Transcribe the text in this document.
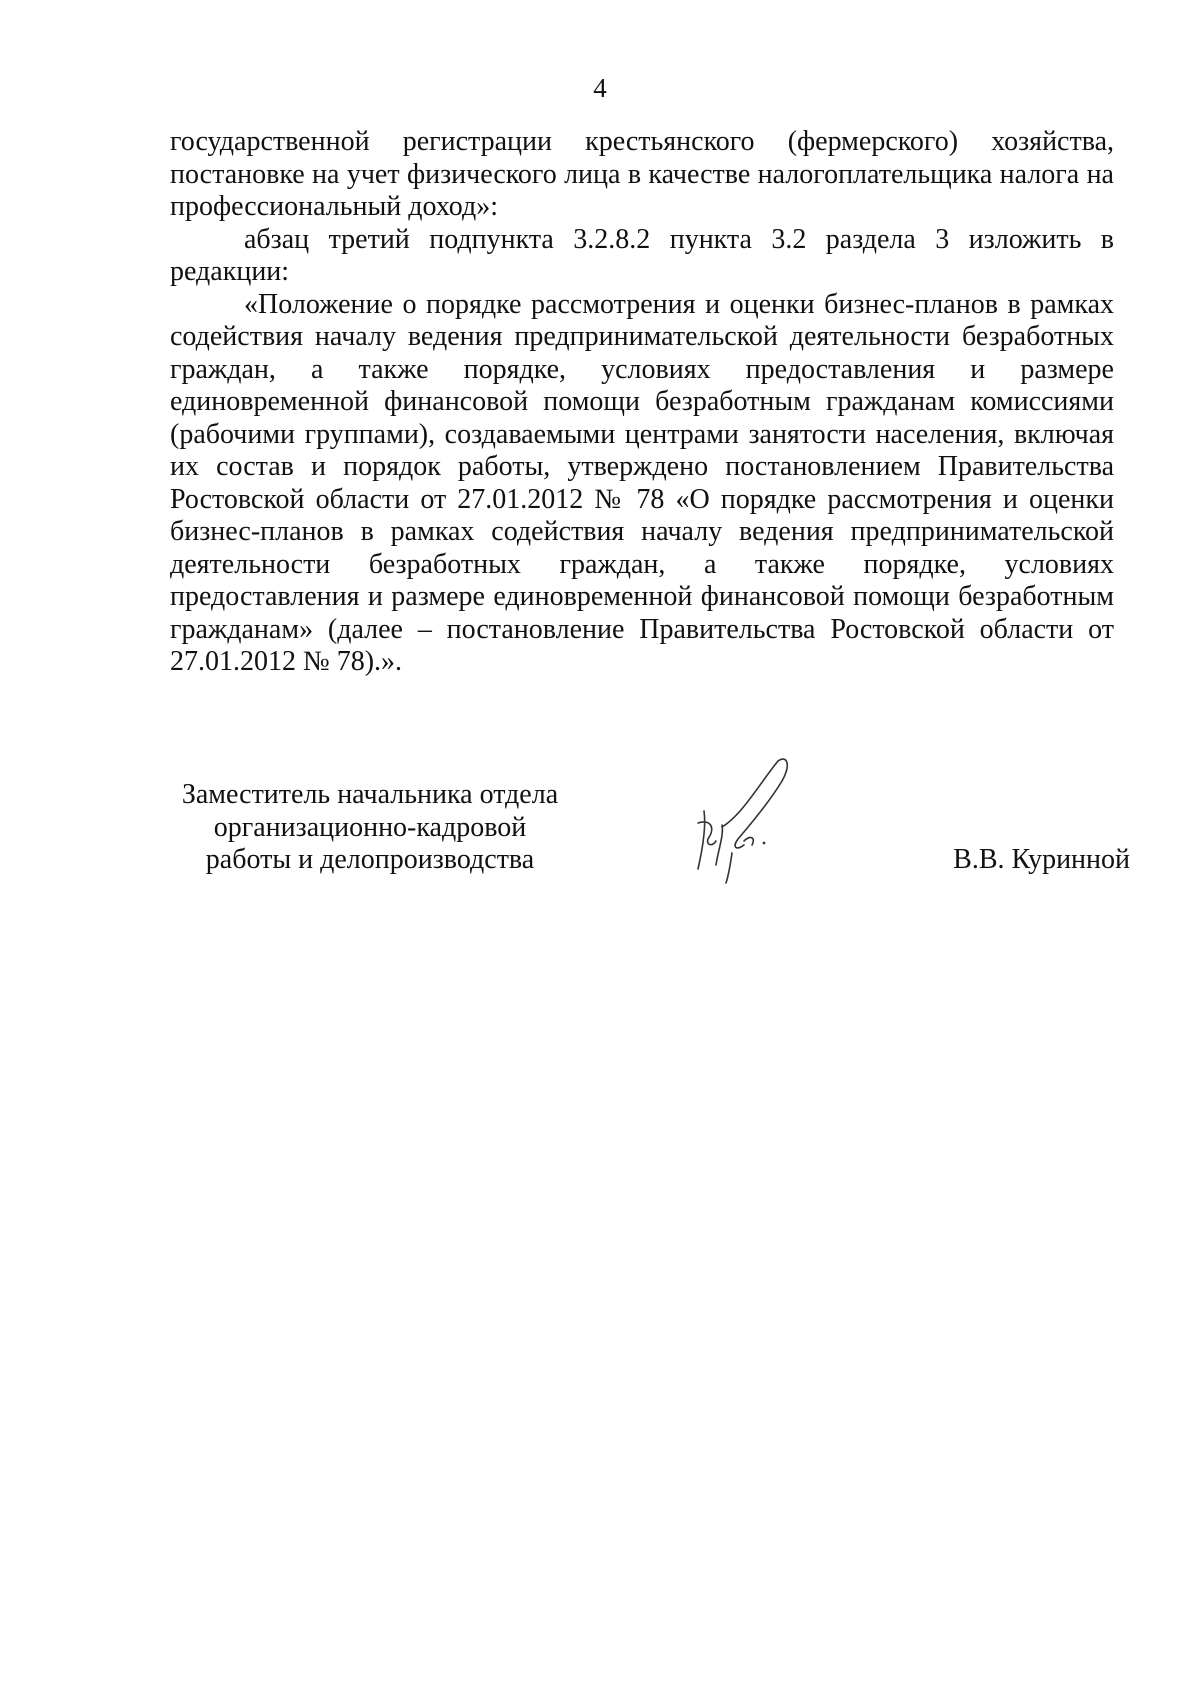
4

государственной регистрации крестьянского (фермерского) хозяйства, постановке на учет физического лица в качестве налогоплательщика налога на профессиональный доход»:

абзац третий подпункта 3.2.8.2 пункта 3.2 раздела 3 изложить в редакции:

«Положение о порядке рассмотрения и оценки бизнес-планов в рамках содействия началу ведения предпринимательской деятельности безработных граждан, а также порядке, условиях предоставления и размере единовременной финансовой помощи безработным гражданам комиссиями (рабочими группами), создаваемыми центрами занятости населения, включая их состав и порядок работы, утверждено постановлением Правительства Ростовской области от 27.01.2012 № 78 «О порядке рассмотрения и оценки бизнес-планов в рамках содействия началу ведения предпринимательской деятельности безработных граждан, а также порядке, условиях предоставления и размере единовременной финансовой помощи безработным гражданам» (далее – постановление Правительства Ростовской области от 27.01.2012 № 78).».

Заместитель начальника отдела
организационно-кадровой
работы и делопроизводства	В.В. Куринной
